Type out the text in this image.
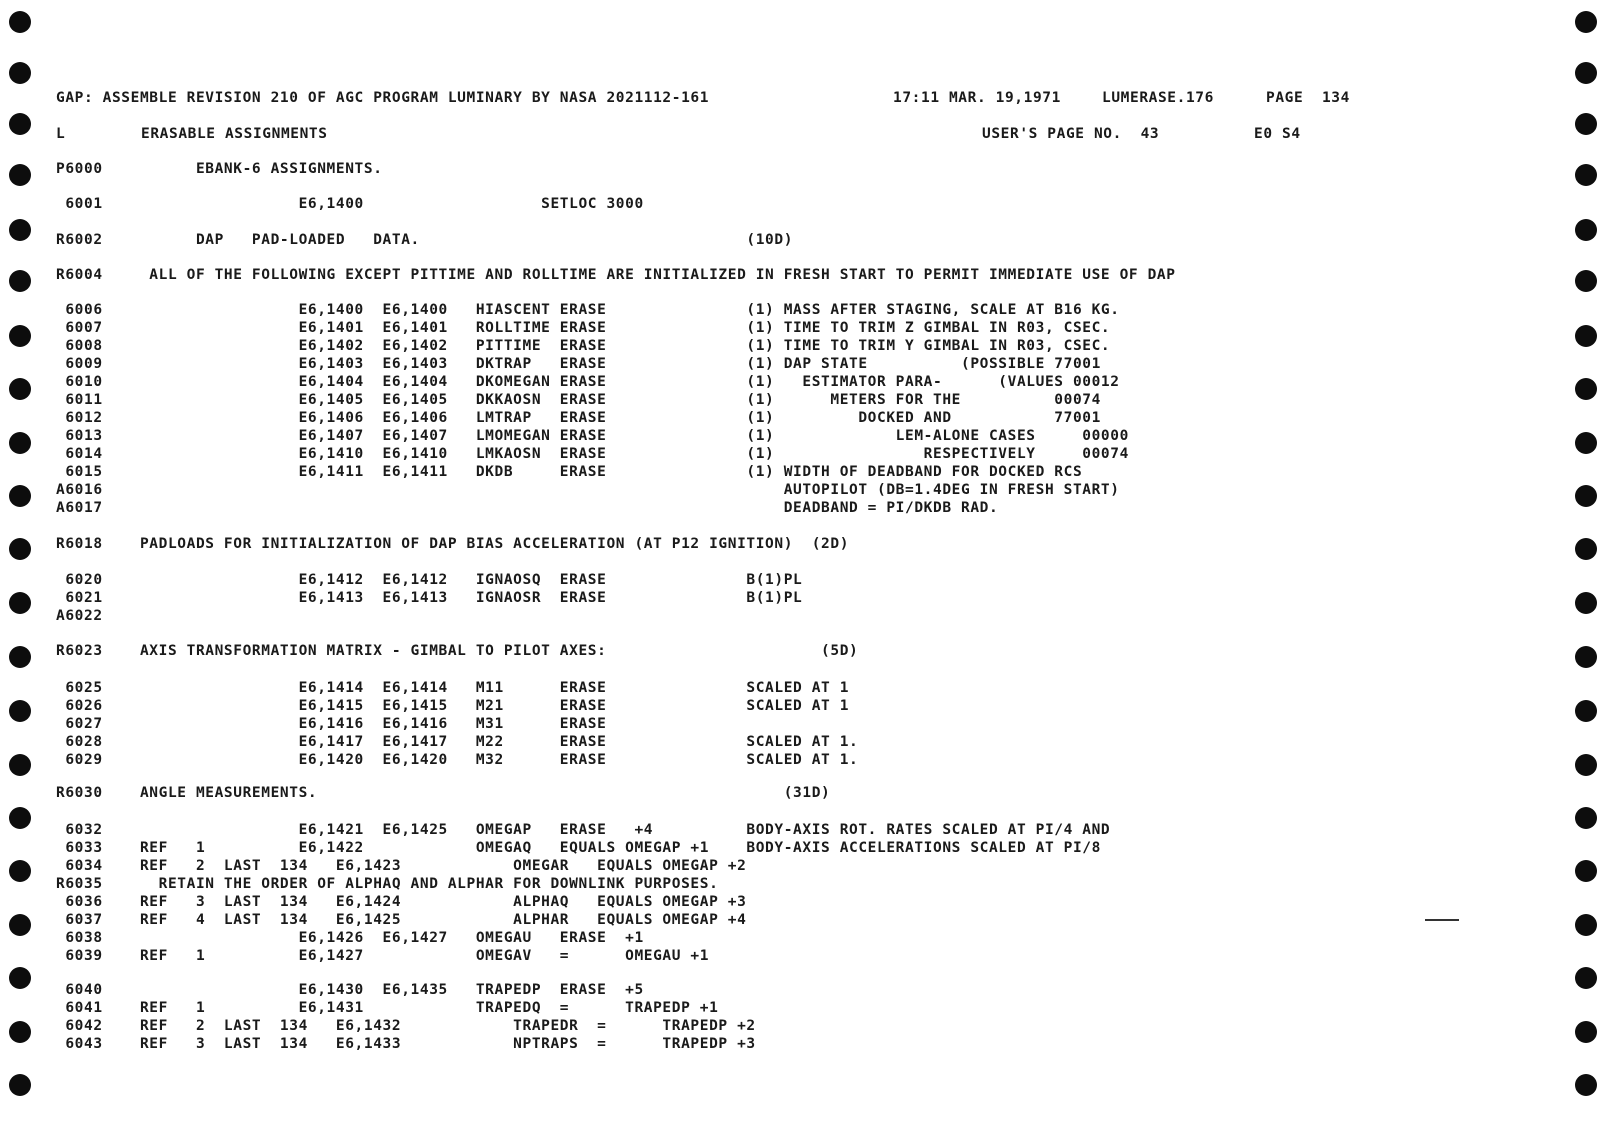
GAP: ASSEMBLE REVISION 210 OF AGC PROGRAM LUMINARY BY NASA 2021112-161	17:11 MAR. 19,1971	LUMERASE.176	PAGE  134
L	ERASABLE ASSIGNMENTS	USER'S PAGE NO.  43	E0 S4
P6000          EBANK-6 ASSIGNMENTS.
6001                     E6,1400                   SETLOC 3000
R6002          DAP   PAD-LOADED   DATA.                                   (10D)
R6004     ALL OF THE FOLLOWING EXCEPT PITTIME AND ROLLTIME ARE INITIALIZED IN FRESH START TO PERMIT IMMEDIATE USE OF DAP
6006                     E6,1400  E6,1400   HIASCENT ERASE               (1) MASS AFTER STAGING, SCALE AT B16 KG.
6007                     E6,1401  E6,1401   ROLLTIME ERASE               (1) TIME TO TRIM Z GIMBAL IN R03, CSEC.
6008                     E6,1402  E6,1402   PITTIME  ERASE               (1) TIME TO TRIM Y GIMBAL IN R03, CSEC.
6009                     E6,1403  E6,1403   DKTRAP   ERASE               (1) DAP STATE          (POSSIBLE 77001
6010                     E6,1404  E6,1404   DKOMEGAN ERASE               (1)   ESTIMATOR PARA-      (VALUES 00012
6011                     E6,1405  E6,1405   DKKAOSN  ERASE               (1)      METERS FOR THE          00074
6012                     E6,1406  E6,1406   LMTRAP   ERASE               (1)         DOCKED AND           77001
6013                     E6,1407  E6,1407   LMOMEGAN ERASE               (1)             LEM-ALONE CASES     00000
6014                     E6,1410  E6,1410   LMKAOSN  ERASE               (1)                RESPECTIVELY     00074
6015                     E6,1411  E6,1411   DKDB     ERASE               (1) WIDTH OF DEADBAND FOR DOCKED RCS
A6016                                                                         AUTOPILOT (DB=1.4DEG IN FRESH START)
A6017                                                                         DEADBAND = PI/DKDB RAD.
R6018    PADLOADS FOR INITIALIZATION OF DAP BIAS ACCELERATION (AT P12 IGNITION)  (2D)
6020                     E6,1412  E6,1412   IGNAOSQ  ERASE               B(1)PL
6021                     E6,1413  E6,1413   IGNAOSR  ERASE               B(1)PL
A6022
R6023    AXIS TRANSFORMATION MATRIX - GIMBAL TO PILOT AXES:                       (5D)
6025                     E6,1414  E6,1414   M11      ERASE               SCALED AT 1
6026                     E6,1415  E6,1415   M21      ERASE               SCALED AT 1
6027                     E6,1416  E6,1416   M31      ERASE
6028                     E6,1417  E6,1417   M22      ERASE               SCALED AT 1.
6029                     E6,1420  E6,1420   M32      ERASE               SCALED AT 1.
R6030    ANGLE MEASUREMENTS.                                                  (31D)
6032                     E6,1421  E6,1425   OMEGAP   ERASE   +4          BODY-AXIS ROT. RATES SCALED AT PI/4 AND
6033    REF   1          E6,1422            OMEGAQ   EQUALS OMEGAP +1    BODY-AXIS ACCELERATIONS SCALED AT PI/8
6034    REF   2  LAST  134   E6,1423            OMEGAR   EQUALS OMEGAP +2
R6035      RETAIN THE ORDER OF ALPHAQ AND ALPHAR FOR DOWNLINK PURPOSES.
6036    REF   3  LAST  134   E6,1424            ALPHAQ   EQUALS OMEGAP +3
6037    REF   4  LAST  134   E6,1425            ALPHAR   EQUALS OMEGAP +4
6038                     E6,1426  E6,1427   OMEGAU   ERASE  +1
6039    REF   1          E6,1427            OMEGAV   =      OMEGAU +1
6040                     E6,1430  E6,1435   TRAPEDP  ERASE  +5
6041    REF   1          E6,1431            TRAPEDQ  =      TRAPEDP +1
6042    REF   2  LAST  134   E6,1432            TRAPEDR  =      TRAPEDP +2
6043    REF   3  LAST  134   E6,1433            NPTRAPS  =      TRAPEDP +3
